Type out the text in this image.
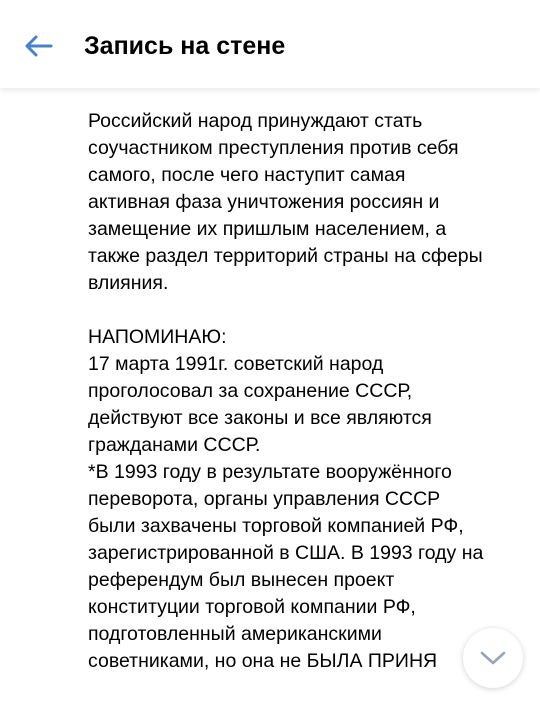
Запись на стене
Российский народ принуждают стать
соучастником преступления против себя
самого, после чего наступит самая
активная фаза уничтожения россиян и
замещение их пришлым населением, а
также раздел территорий страны на сферы
влияния.
НАПОМИНАЮ:
17 марта 1991г. советский народ
проголосовал за сохранение СССР,
действуют все законы и все являются
гражданами СССР.
*В 1993 году в результате вооружённого
переворота, органы управления СССР
были захвачены торговой компанией РФ,
зарегистрированной в США. В 1993 году на
референдум был вынесен проект
конституции торговой компании РФ,
подготовленный американскими
советниками, но она не БЫЛА ПРИНЯ
